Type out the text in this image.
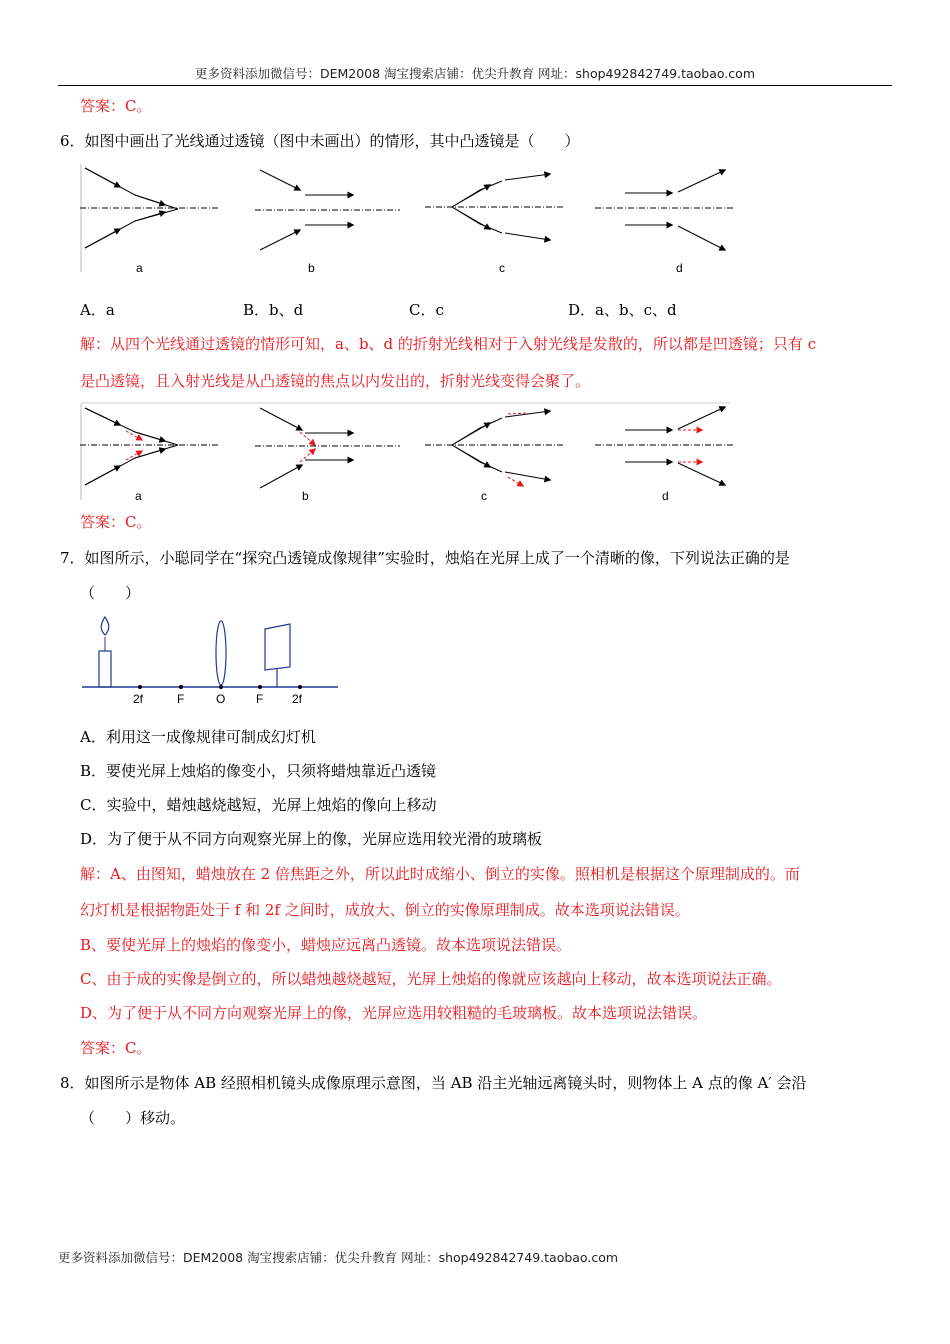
更多资料添加微信号：DEM2008 淘宝搜索店铺：优尖升教育 网址：shop492842749.taobao.com
答案：C。
6．如图中画出了光线通过透镜（图中未画出）的情形，其中凸透镜是（　　）
a	b	c	d
A．a	B．b、d	C．c	D．a、b、c、d
解：从四个光线通过透镜的情形可知，a、b、d 的折射光线相对于入射光线是发散的，所以都是凹透镜；只有 c
是凸透镜，且入射光线是从凸透镜的焦点以内发出的，折射光线变得会聚了。
a	b	c	d
答案：C。
7．如图所示，小聪同学在“探究凸透镜成像规律”实验时，烛焰在光屏上成了一个清晰的像，下列说法正确的是
（　　）
2f	F	O	F 2f
A．利用这一成像规律可制成幻灯机
B．要使光屏上烛焰的像变小，只须将蜡烛靠近凸透镜
C．实验中，蜡烛越烧越短，光屏上烛焰的像向上移动
D．为了便于从不同方向观察光屏上的像，光屏应选用较光滑的玻璃板
解：A、由图知，蜡烛放在 2 倍焦距之外，所以此时成缩小、倒立的实像。照相机是根据这个原理制成的。而
幻灯机是根据物距处于 f 和 2f 之间时，成放大、倒立的实像原理制成。故本选项说法错误。
B、要使光屏上的烛焰的像变小，蜡烛应远离凸透镜。故本选项说法错误。
C、由于成的实像是倒立的，所以蜡烛越烧越短，光屏上烛焰的像就应该越向上移动，故本选项说法正确。
D、为了便于从不同方向观察光屏上的像，光屏应选用较粗糙的毛玻璃板。故本选项说法错误。
答案：C。
8．如图所示是物体 AB 经照相机镜头成像原理示意图，当 AB 沿主光轴远离镜头时，则物体上 A 点的像 A′ 会沿
（　　）移动。
更多资料添加微信号：DEM2008 淘宝搜索店铺：优尖升教育 网址：shop492842749.taobao.com
